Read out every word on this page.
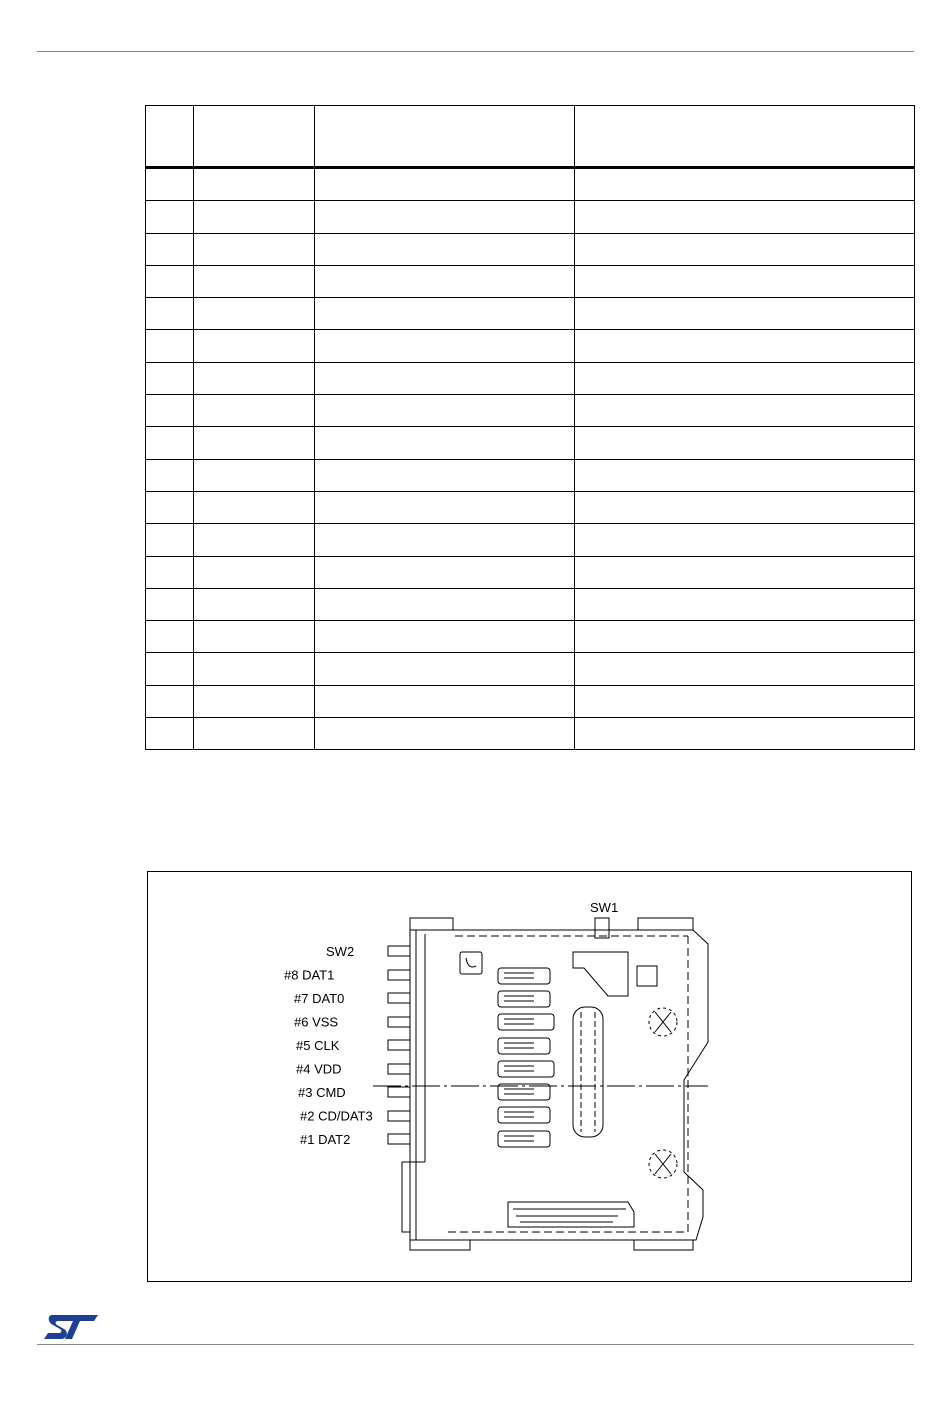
SW1
SW2
#8 DAT1
#7 DAT0
#6 VSS
#5 CLK
#4 VDD
#3 CMD
#2 CD/DAT3
#1 DAT2
